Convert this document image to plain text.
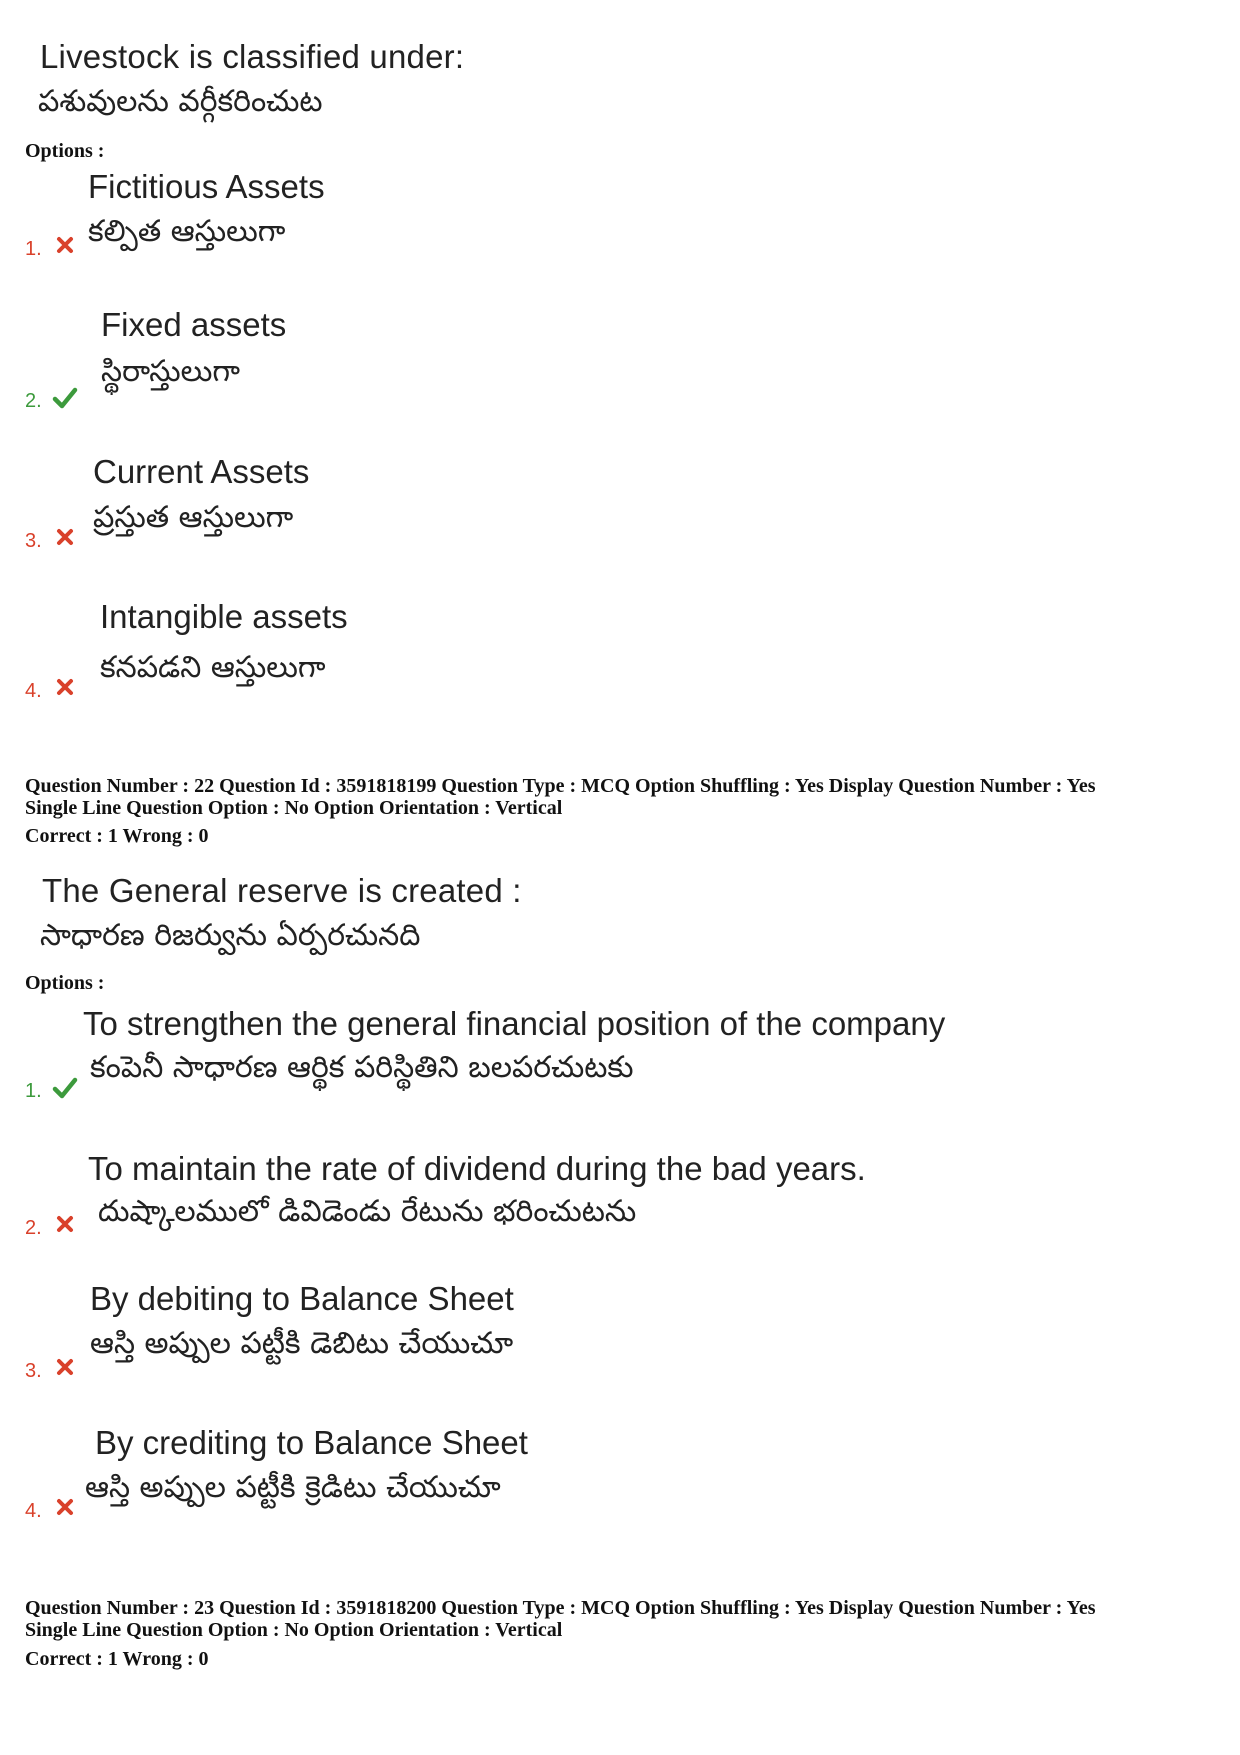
Livestock is classified under:
పశువులను వర్గీకరించుట
Options :
Fictitious Assets
కల్పిత ఆస్తులుగా
1.
Fixed assets
స్థిరాస్తులుగా
2.
Current Assets
ప్రస్తుత ఆస్తులుగా
3.
Intangible assets
కనపడని ఆస్తులుగా
4.
Question Number : 22 Question Id : 3591818199 Question Type : MCQ Option Shuffling : Yes Display Question Number : Yes
Single Line Question Option : No Option Orientation : Vertical
Correct : 1 Wrong : 0
The General reserve is created :
సాధారణ రిజర్వును ఏర్పరచునది
Options :
To strengthen the general financial position of the company
కంపెనీ సాధారణ ఆర్థిక పరిస్థితిని బలపరచుటకు
1.
To maintain the rate of dividend during the bad years.
దుష్కాలములో డివిడెండు రేటును భరించుటను
2.
By debiting to Balance Sheet
ఆస్తి అప్పుల పట్టీకి డెబిటు చేయుచూ
3.
By crediting to Balance Sheet
ఆస్తి అప్పుల పట్టీకి క్రెడిటు చేయుచూ
4.
Question Number : 23 Question Id : 3591818200 Question Type : MCQ Option Shuffling : Yes Display Question Number : Yes
Single Line Question Option : No Option Orientation : Vertical
Correct : 1 Wrong : 0
